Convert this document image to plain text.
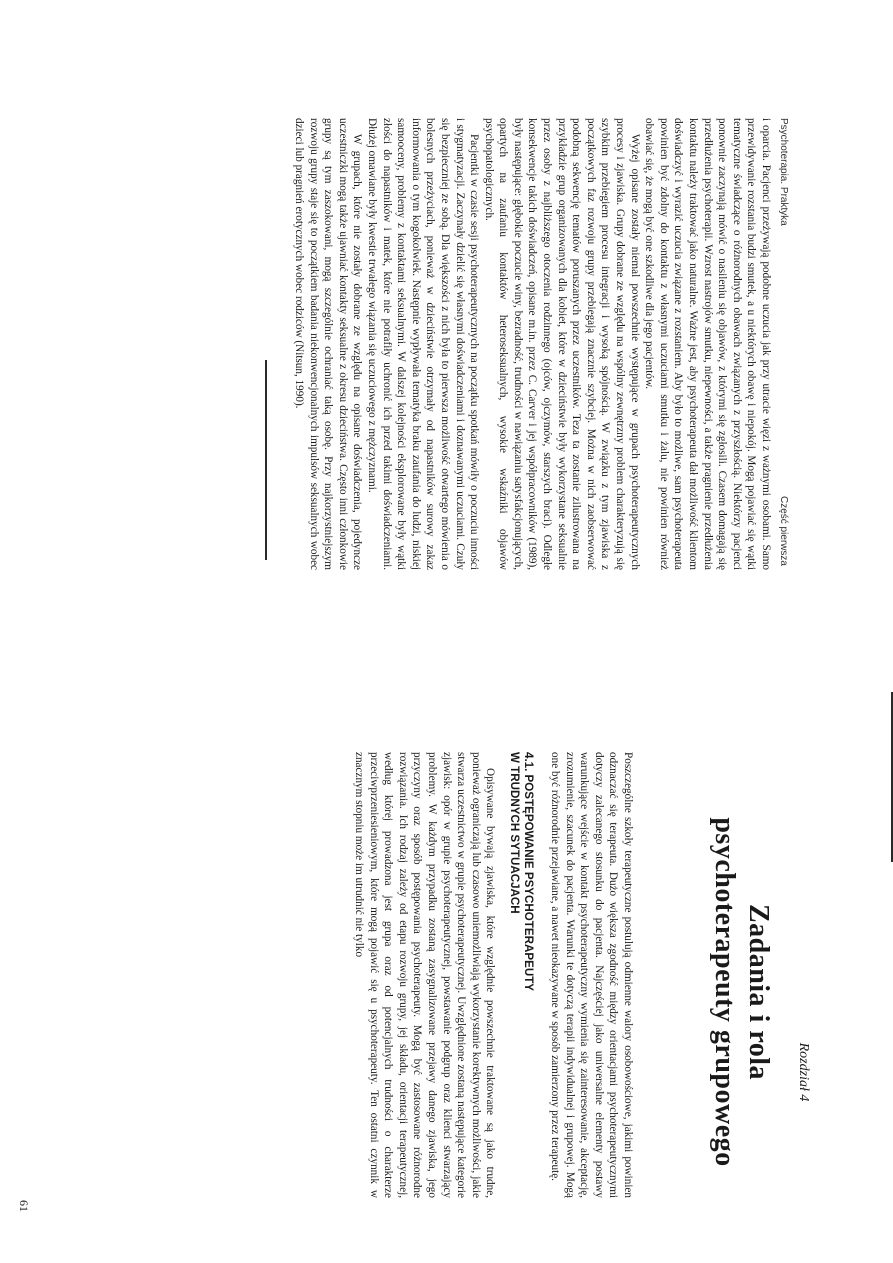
Psychoterapia. Praktyka
Część pierwsza

i oparcia. Pacjenci przeżywają podobne uczucia jak przy utracie więzi z ważnymi osobami. Samo przewidywanie rozstania budzi smutek, a u niektórych obawę i niepokój. Mogą pojawiać się wątki tematyczne świadczące o różnorodnych obawach związanych z przyszłością. Niektórzy pacjenci ponownie zaczynają mówić o nasileniu się objawów, z którymi się zgłosili. Czasem domagają się przedłużenia psychoterapii. Wzrost nastrojów smutku, niepewności, a także pragnienie przedłużenia kontaktu należy traktować jako naturalne. Ważne jest, aby psychoterapeuta dał możliwość klientom doświadczyć i wyrazić uczucia związane z rozstaniem. Aby było to możliwe, sam psychoterapeuta powinien być zdolny do kontaktu z własnymi uczuciami smutku i żalu, nie powinien również obawiać się, że mogą być one szkodliwe dla jego pacjentów.

Wyżej opisane zostały niemal powszechnie występujące w grupach psychoterapeutycznych procesy i zjawiska. Grupy dobrane ze względu na wspólny zewnętrzny problem charakteryzują się szybkim przebiegiem procesu integracji i wysoką spójnością. W związku z tym zjawiska z początkowych faz rozwoju grupy przebiegają znacznie szybciej. Można w nich zaobserwować podobną sekwencję tematów poruszanych przez uczestników. Teza ta zostanie zilustrowana na przykładzie grup organizowanych dla kobiet, które w dzieciństwie były wykorzystane seksualnie przez osoby z najbliższego otoczenia rodzinnego (ojców, ojczymów, starszych braci). Odległe konsekwencje takich doświadczeń, opisane m.in. przez C. Carver i jej współpracowników (1989), były następujące: głębokie poczucie winy, bezradność, trudności w nawiązaniu satysfakcjonujących, opartych na zaufaniu kontaktów heteroseksualnych, wysokie wskaźniki objawów psychopatologicznych.

Pacjentki w czasie sesji psychoterapeutycznych na początku spotkań mówiły o poczuciu inności i stygmatyzacji. Zaczynały dzielić się własnymi doświadczeniami i doznawanymi uczuciami. Czuły się bezpieczniej ze sobą. Dla większości z nich była to pierwsza możliwość otwartego mówienia o bolesnych przeżyciach, ponieważ w dzieciństwie otrzymały od napastników surowy zakaz informowania o tym kogokolwiek. Następnie wypływała tematyka braku zaufania do ludzi, niskiej samooceny, problemy z kontaktami seksualnymi. W dalszej kolejności eksplorowane były wątki złości do napastników i matek, które nie potrafiły uchronić ich przed takimi doświadczeniami. Dłużej omawiane były kwestie trwałego wiązania się uczuciowego z mężczyznami.

W grupach, które nie zostały dobrane ze względu na opisane doświadczenia, pojedyncze uczestniczki mogą także ujawniać kontakty seksualne z okresu dzieciństwa. Często inni członkowie grupy są tym zaszokowani, mogą szczególnie ochraniać taką osobę. Przy najkorzystniejszym rozwoju grupy staje się to początkiem badania niekonwencjonalnych impulsów seksualnych wobec dzieci lub pragnień erotycznych wobec rodziców (Nitsun, 1990).

Rozdział 4
Zadania i rola
psychoterapeuty grupowego

Poszczególne szkoły terapeutyczne postulują odmienne walory osobowościowe, jakimi powinien odznaczać się terapeuta. Dużo większa zgodność między orientacjami psychoterapeutycznymi dotyczy zalecanego stosunku do pacjenta. Najczęściej jako uniwersalne elementy postawy warunkujące wejście w kontakt psychoterapeutyczny wymienia się zainteresowanie, akceptację, zrozumienie, szacunek do pacjenta. Warunki te dotyczą terapii indywidualnej i grupowej. Mogą one być różnorodnie przejawiane, a nawet nieokazywane w sposób zamierzony przez terapeutę.

4.1. POSTĘPOWANIE PSYCHOTERAPEUTY
W TRUDNYCH SYTUACJACH

Opisywane bywają zjawiska, które względnie powszechnie traktowane są jako trudne, ponieważ ograniczają lub czasowo uniemożliwiają wykorzystanie korektywnych możliwości, jakie stwarza uczestnictwo w grupie psychoterapeutycznej. Uwzględnione zostaną następujące kategorie zjawisk: opór w grupie psychoterapeutycznej, powstawanie podgrup oraz klienci stwarzający problemy. W każdym przypadku zostaną zasygnalizowane przejawy danego zjawiska, jego przyczyny oraz sposób postępowania psychoterapeuty. Mogą być zastosowane różnorodne rozwiązania. Ich rodzaj zależy od etapu rozwoju grupy, jej składu, orientacji terapeutycznej, według której prowadzona jest grupa oraz od potencjalnych trudności o charakterze przeciwprzeniesieniowym, które mogą pojawić się u psychoterapeuty. Ten ostatni czynnik w znacznym stopniu może im utrudnić nie tylko

61
